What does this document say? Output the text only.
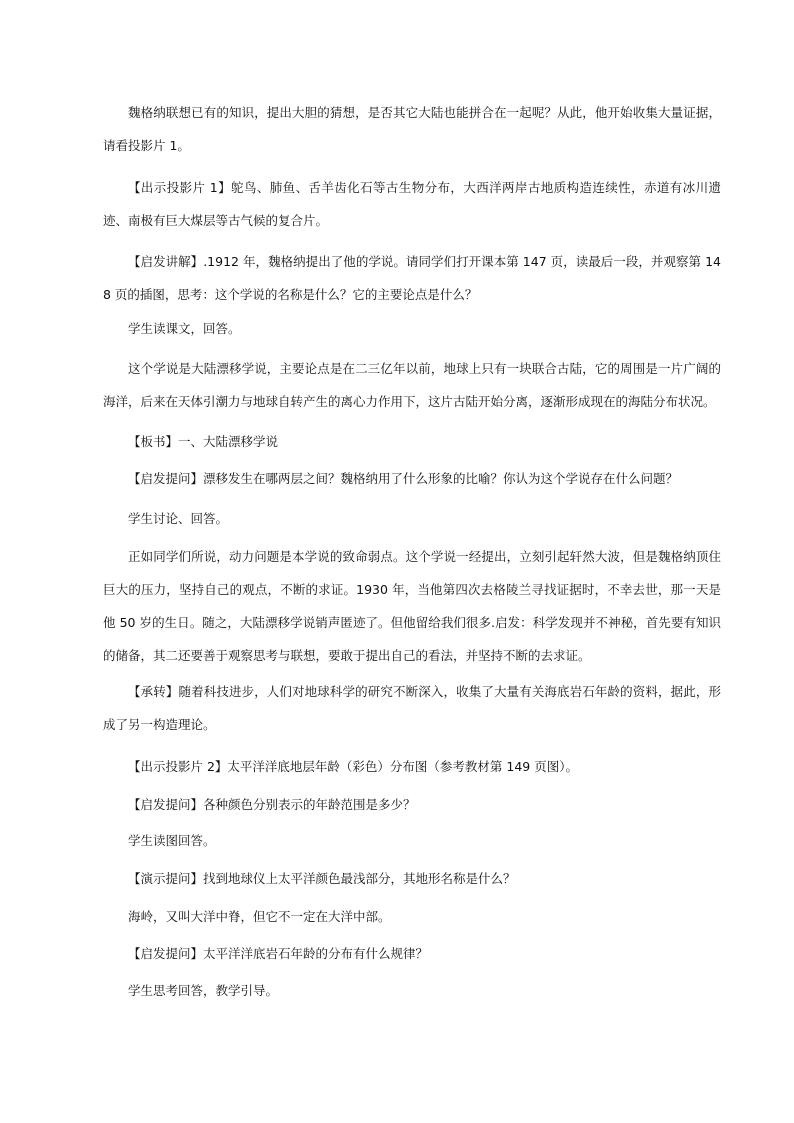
魏格纳联想已有的知识，提出大胆的猜想，是否其它大陆也能拼合在一起呢？从此，他开始收集大量证据，请看投影片 1。

【出示投影片 1】鸵鸟、肺鱼、舌羊齿化石等古生物分布，大西洋两岸古地质构造连续性，赤道有冰川遗迹、南极有巨大煤层等古气候的复合片。

【启发讲解】.1912 年，魏格纳提出了他的学说。请同学们打开课本第 147 页，读最后一段，并观察第 148 页的插图，思考：这个学说的名称是什么？它的主要论点是什么？

学生读课文，回答。

这个学说是大陆漂移学说，主要论点是在二三亿年以前，地球上只有一块联合古陆，它的周围是一片广阔的海洋，后来在天体引潮力与地球自转产生的离心力作用下，这片古陆开始分离，逐渐形成现在的海陆分布状况。

【板书】一、大陆漂移学说

【启发提问】漂移发生在哪两层之间？魏格纳用了什么形象的比喻？你认为这个学说存在什么问题？

学生讨论、回答。

正如同学们所说，动力问题是本学说的致命弱点。这个学说一经提出，立刻引起轩然大波，但是魏格纳顶住巨大的压力，坚持自己的观点，不断的求证。1930 年，当他第四次去格陵兰寻找证据时，不幸去世，那一天是他 50 岁的生日。随之，大陆漂移学说销声匿迹了。但他留给我们很多.启发：科学发现并不神秘，首先要有知识的储备，其二还要善于观察思考与联想，要敢于提出自己的看法，并坚持不断的去求证。

【承转】随着科技进步，人们对地球科学的研究不断深入，收集了大量有关海底岩石年龄的资料，据此，形成了另一构造理论。

【出示投影片 2】太平洋洋底地层年龄（彩色）分布图（参考教材第 149 页图）。

【启发提问】各种颜色分别表示的年龄范围是多少？

学生读图回答。

【演示提问】找到地球仪上太平洋颜色最浅部分，其地形名称是什么？

海岭，又叫大洋中脊，但它不一定在大洋中部。

【启发提问】太平洋洋底岩石年龄的分布有什么规律？

学生思考回答，教学引导。
